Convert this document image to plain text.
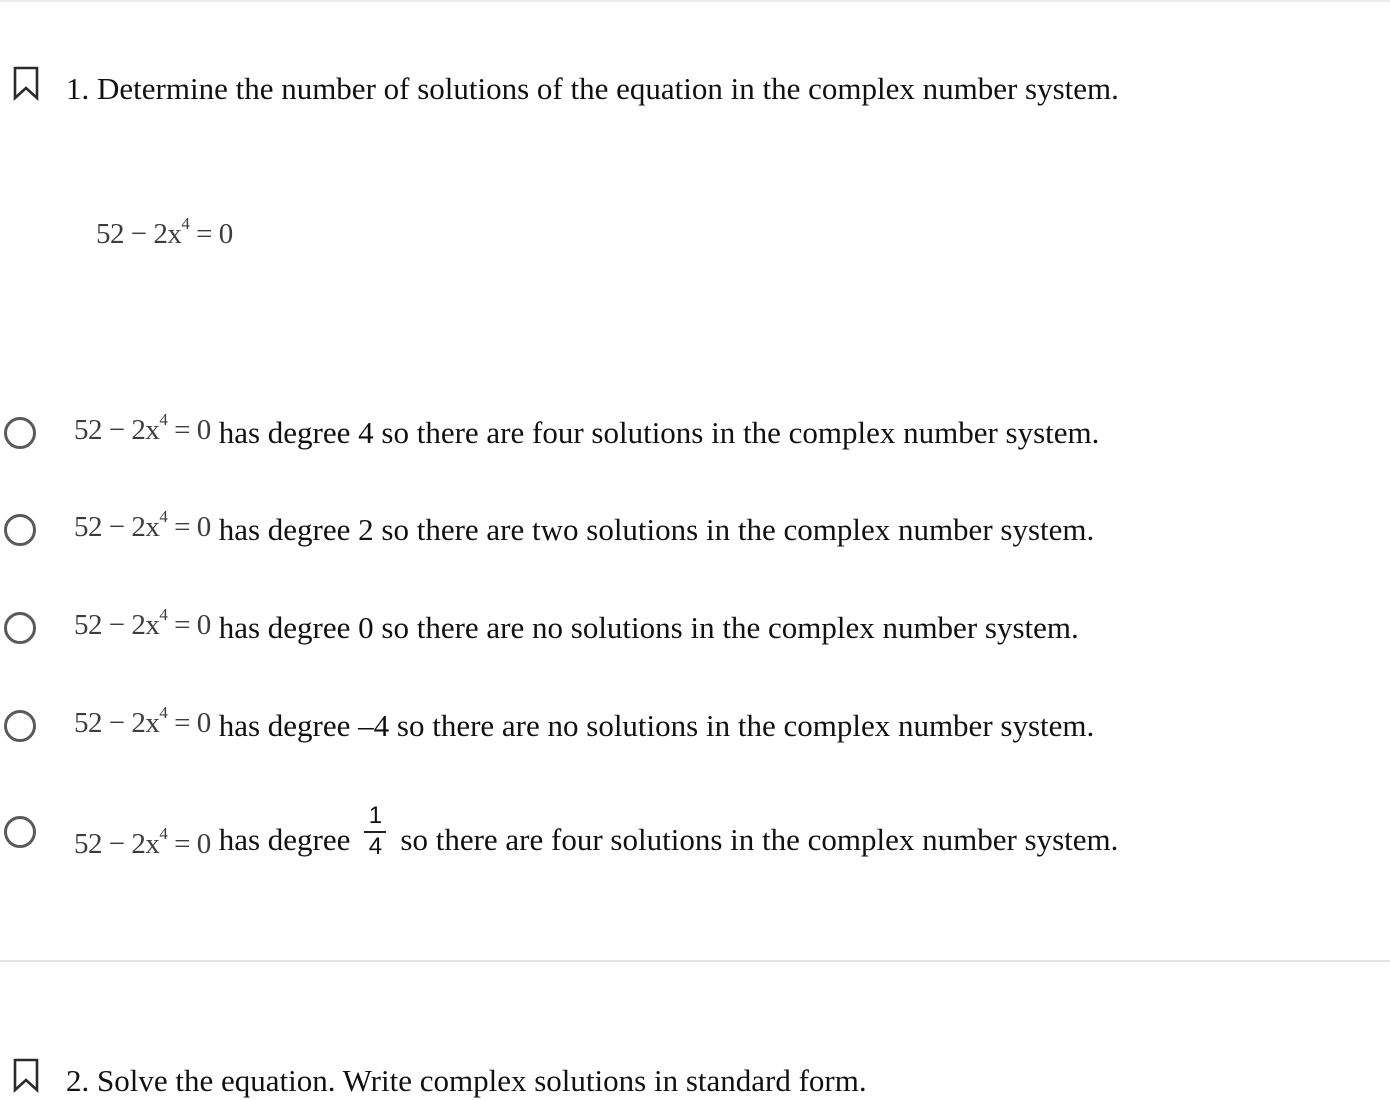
1. Determine the number of solutions of the equation in the complex number system.
$52 - 2x^4 = 0$
$52 - 2x^4 = 0$ has degree 4 so there are four solutions in the complex number system.
$52 - 2x^4 = 0$ has degree 2 so there are two solutions in the complex number system.
$52 - 2x^4 = 0$ has degree 0 so there are no solutions in the complex number system.
$52 - 2x^4 = 0$ has degree –4 so there are no solutions in the complex number system.
$52 - 2x^4 = 0$ has degree $\frac{1}{4}$ so there are four solutions in the complex number system.
2. Solve the equation. Write complex solutions in standard form.
